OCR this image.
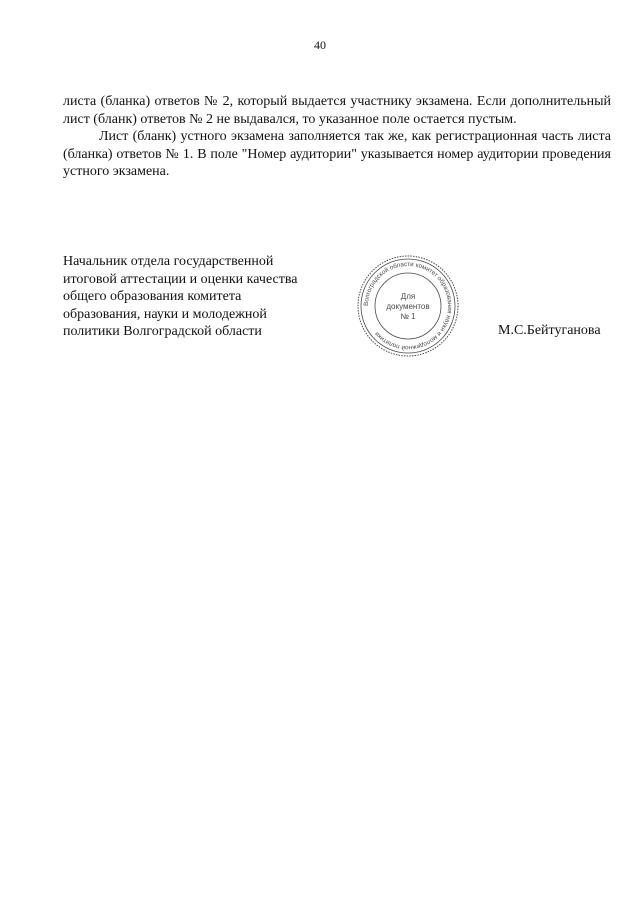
40

листа (бланка) ответов № 2, который выдается участнику экзамена. Если дополнительный лист (бланк) ответов № 2 не выдавался, то указанное поле остается пустым.

Лист (бланк) устного экзамена заполняется так же, как регистрационная часть листа (бланка) ответов № 1. В поле "Номер аудитории" указывается номер аудитории проведения устного экзамена.

Начальник отдела государственной
итоговой аттестации и оценки качества
общего образования комитета
образования, науки и молодежной
политики Волгоградской области
Волгоградской области комитет образования науки и молодежной политики
Для
документов
№ 1
М.С.Бейтуганова
